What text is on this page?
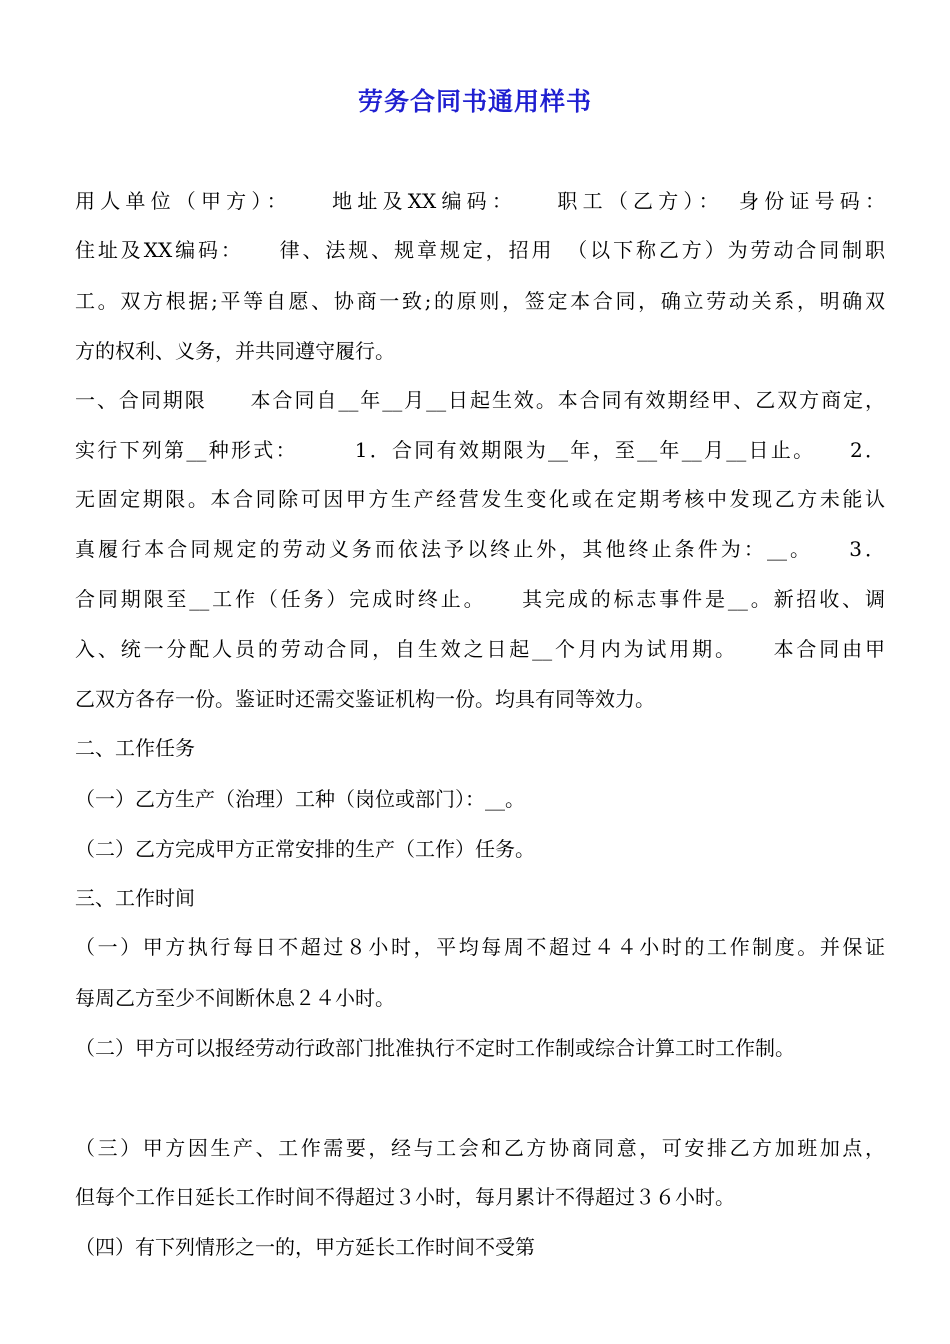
劳务合同书通用样书
用人单位（甲方）：　　地址及XX编码：　　职工（乙方）：　身份证号码：
住址及XX编码：　　律、法规、规章规定，招用　（以下称乙方）为劳动合同制职
工。双方根据;平等自愿、协商一致;的原则，签定本合同，确立劳动关系，明确双
方的权利、义务，并共同遵守履行。
一、合同期限　　本合同自__年__月__日起生效。本合同有效期经甲、乙双方商定，
实行下列第__种形式：　　　1．合同有效期限为__年，至__年__月__日止。　　2．
无固定期限。本合同除可因甲方生产经营发生变化或在定期考核中发现乙方未能认
真履行本合同规定的劳动义务而依法予以终止外，其他终止条件为：__。　　3．
合同期限至__工作（任务）完成时终止。　　其完成的标志事件是__。新招收、调
入、统一分配人员的劳动合同，自生效之日起__个月内为试用期。　　本合同由甲
乙双方各存一份。鉴证时还需交鉴证机构一份。均具有同等效力。
二、工作任务
（一）乙方生产（治理）工种（岗位或部门）：__。
（二）乙方完成甲方正常安排的生产（工作）任务。
三、工作时间
（一）甲方执行每日不超过８小时，平均每周不超过４４小时的工作制度。并保证
每周乙方至少不间断休息２４小时。
（二）甲方可以报经劳动行政部门批准执行不定时工作制或综合计算工时工作制。
（三）甲方因生产、工作需要，经与工会和乙方协商同意，可安排乙方加班加点，
但每个工作日延长工作时间不得超过３小时，每月累计不得超过３６小时。
（四）有下列情形之一的，甲方延长工作时间不受第
